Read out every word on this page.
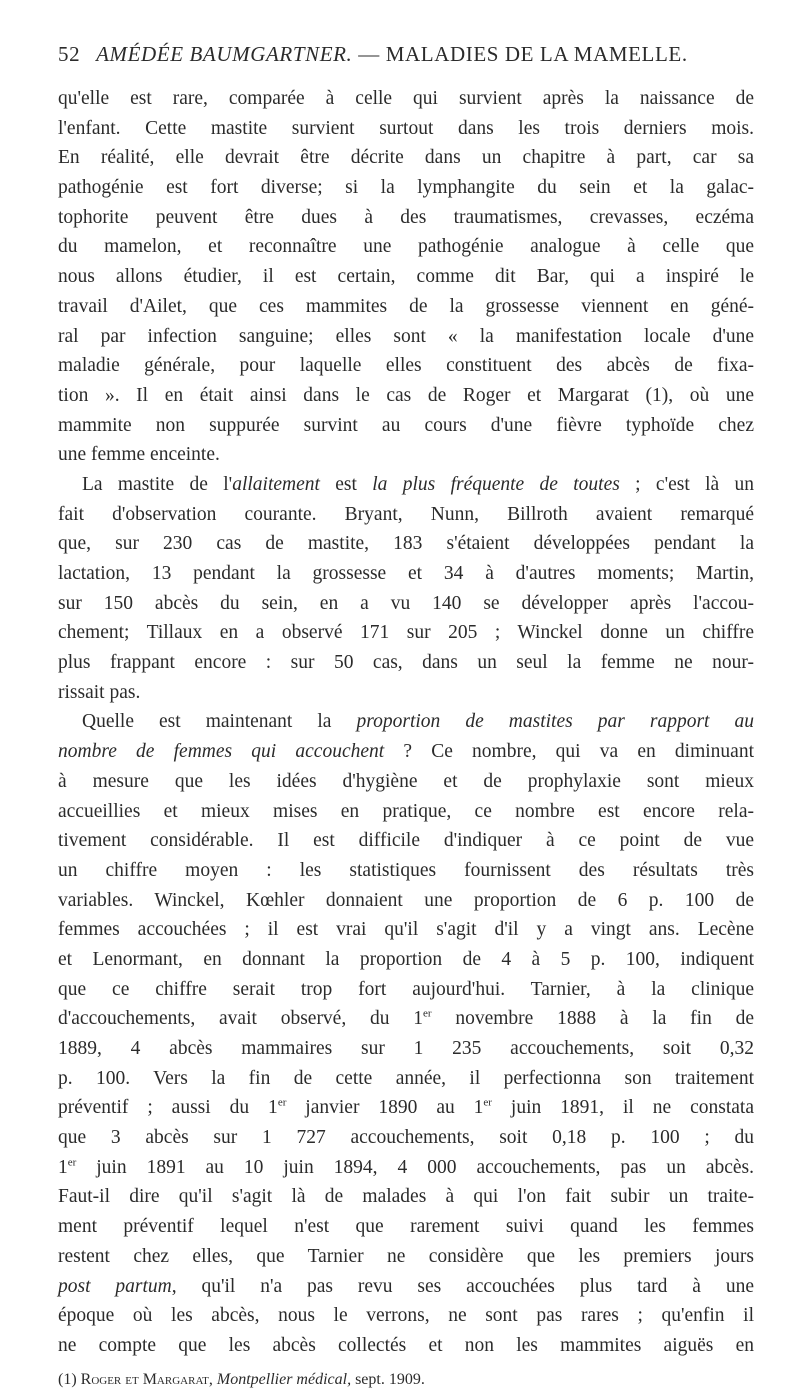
52 AMÉDÉE BAUMGARTNER. — MALADIES DE LA MAMELLE.
qu'elle est rare, comparée à celle qui survient après la naissance de
l'enfant. Cette mastite survient surtout dans les trois derniers mois.
En réalité, elle devrait être décrite dans un chapitre à part, car sa
pathogénie est fort diverse; si la lymphangite du sein et la galac-
tophorite peuvent être dues à des traumatismes, crevasses, eczéma
du mamelon, et reconnaître une pathogénie analogue à celle que
nous allons étudier, il est certain, comme dit Bar, qui a inspiré le
travail d'Ailet, que ces mammites de la grossesse viennent en géné-
ral par infection sanguine; elles sont « la manifestation locale d'une
maladie générale, pour laquelle elles constituent des abcès de fixa-
tion ». Il en était ainsi dans le cas de Roger et Margarat (1), où une
mammite non suppurée survint au cours d'une fièvre typhoïde chez
une femme enceinte.
La mastite de l'allaitement est la plus fréquente de toutes ; c'est là un
fait d'observation courante. Bryant, Nunn, Billroth avaient remarqué
que, sur 230 cas de mastite, 183 s'étaient développées pendant la
lactation, 13 pendant la grossesse et 34 à d'autres moments; Martin,
sur 150 abcès du sein, en a vu 140 se développer après l'accou-
chement; Tillaux en a observé 171 sur 205 ; Winckel donne un chiffre
plus frappant encore : sur 50 cas, dans un seul la femme ne nour-
rissait pas.
Quelle est maintenant la proportion de mastites par rapport au
nombre de femmes qui accouchent ? Ce nombre, qui va en diminuant
à mesure que les idées d'hygiène et de prophylaxie sont mieux
accueillies et mieux mises en pratique, ce nombre est encore rela-
tivement considérable. Il est difficile d'indiquer à ce point de vue
un chiffre moyen : les statistiques fournissent des résultats très
variables. Winckel, Kœhler donnaient une proportion de 6 p. 100 de
femmes accouchées ; il est vrai qu'il s'agit d'il y a vingt ans. Lecène
et Lenormant, en donnant la proportion de 4 à 5 p. 100, indiquent
que ce chiffre serait trop fort aujourd'hui. Tarnier, à la clinique
d'accouchements, avait observé, du 1er novembre 1888 à la fin de
1889, 4 abcès mammaires sur 1 235 accouchements, soit 0,32
p. 100. Vers la fin de cette année, il perfectionna son traitement
préventif ; aussi du 1er janvier 1890 au 1er juin 1891, il ne constata
que 3 abcès sur 1 727 accouchements, soit 0,18 p. 100 ; du
1er juin 1891 au 10 juin 1894, 4 000 accouchements, pas un abcès.
Faut-il dire qu'il s'agit là de malades à qui l'on fait subir un traite-
ment préventif lequel n'est que rarement suivi quand les femmes
restent chez elles, que Tarnier ne considère que les premiers jours
post partum, qu'il n'a pas revu ses accouchées plus tard à une
époque où les abcès, nous le verrons, ne sont pas rares ; qu'enfin il
ne compte que les abcès collectés et non les mammites aiguës en
(1) Roger et Margarat, Montpellier médical, sept. 1909.
